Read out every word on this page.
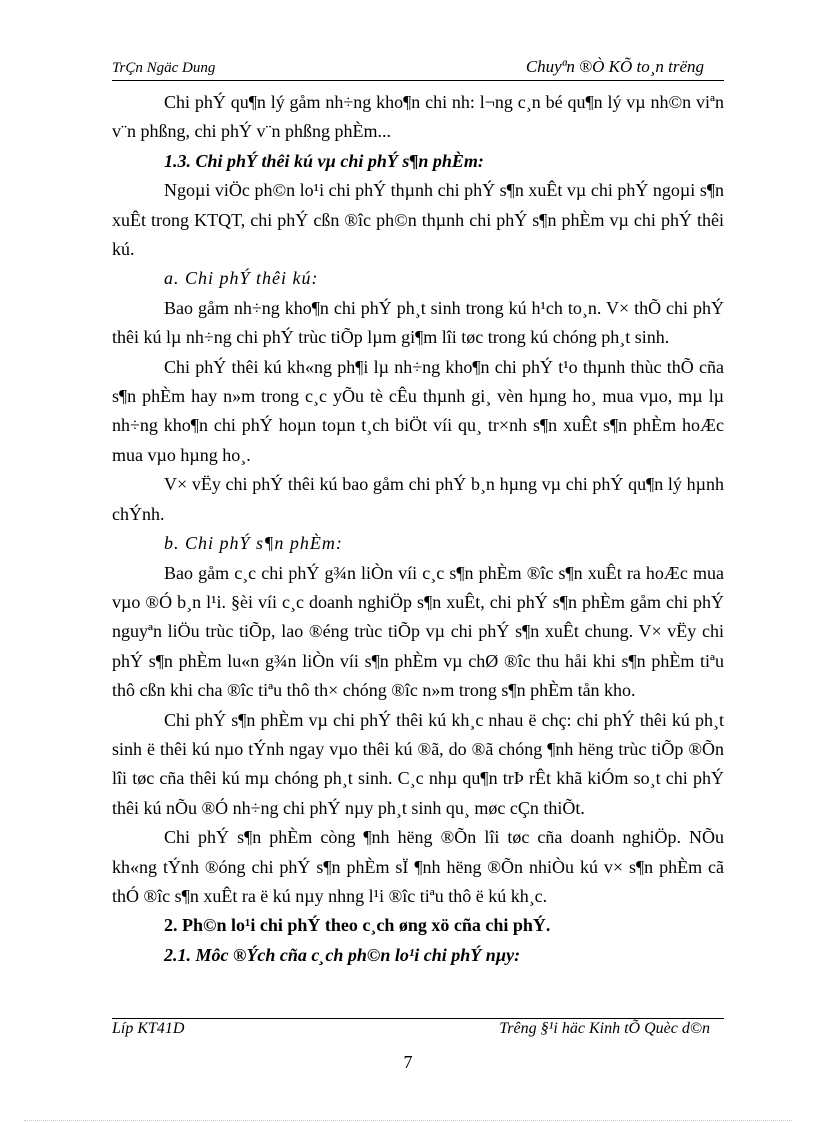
TrÇn Ngäc Dung	Chuyªn ®Ò KÕ to¸n trëng

Chi phÝ qu¶n lý gåm nh÷ng kho¶n chi nh: l¬ng c¸n bé qu¶n lý vµ nh©n viªn v¨n phßng, chi phÝ v¨n phßng phÈm...

1.3. Chi phÝ thêi kú vµ chi phÝ s¶n phÈm:

Ngoµi viÖc ph©n lo¹i chi phÝ thµnh chi phÝ s¶n xuÊt vµ chi phÝ ngoµi s¶n xuÊt trong KTQT, chi phÝ cßn ®îc ph©n thµnh chi phÝ s¶n phÈm vµ chi phÝ thêi kú.

a. Chi phÝ thêi kú:

Bao gåm nh÷ng kho¶n chi phÝ ph¸t sinh trong kú h¹ch to¸n. V× thÕ chi phÝ thêi kú lµ nh÷ng chi phÝ trùc tiÕp lµm gi¶m lîi tøc trong kú chóng ph¸t sinh.

Chi phÝ thêi kú kh«ng ph¶i lµ nh÷ng kho¶n chi phÝ t¹o thµnh thùc thÕ cña s¶n phÈm hay n»m trong c¸c yÕu tè cÊu thµnh gi¸ vèn hµng ho¸ mua vµo, mµ lµ nh÷ng kho¶n chi phÝ hoµn toµn t¸ch biÖt víi qu¸ tr×nh s¶n xuÊt s¶n phÈm hoÆc mua vµo hµng ho¸.

V× vËy chi phÝ thêi kú bao gåm chi phÝ b¸n hµng vµ chi phÝ qu¶n lý hµnh chÝnh.

b. Chi phÝ s¶n phÈm:

Bao gåm c¸c chi phÝ g¾n liÒn víi c¸c s¶n phÈm ®îc s¶n xuÊt ra hoÆc mua vµo ®Ó b¸n l¹i. §èi víi c¸c doanh nghiÖp s¶n xuÊt, chi phÝ s¶n phÈm gåm chi phÝ nguyªn liÖu trùc tiÕp, lao ®éng trùc tiÕp vµ chi phÝ s¶n xuÊt chung. V× vËy chi phÝ s¶n phÈm lu«n g¾n liÒn víi s¶n phÈm vµ chØ ®îc thu håi khi s¶n phÈm tiªu thô cßn khi cha ®îc tiªu thô th× chóng ®îc n»m trong s¶n phÈm tån kho.

Chi phÝ s¶n phÈm vµ chi phÝ thêi kú kh¸c nhau ë chç: chi phÝ thêi kú ph¸t sinh ë thêi kú nµo tÝnh ngay vµo thêi kú ®ã, do ®ã chóng ¶nh hëng trùc tiÕp ®Õn lîi tøc cña thêi kú mµ chóng ph¸t sinh. C¸c nhµ qu¶n trÞ rÊt khã kiÓm so¸t chi phÝ thêi kú nÕu ®Ó nh÷ng chi phÝ nµy ph¸t sinh qu¸ møc cÇn thiÕt.

Chi phÝ s¶n phÈm còng ¶nh hëng ®Õn lîi tøc cña doanh nghiÖp. NÕu kh«ng tÝnh ®óng chi phÝ s¶n phÈm sÏ ¶nh hëng ®Õn nhiÒu kú v× s¶n phÈm cã thÓ ®îc s¶n xuÊt ra ë kú nµy nhng l¹i ®îc tiªu thô ë kú kh¸c.

2. Ph©n lo¹i chi phÝ theo c¸ch øng xö cña chi phÝ.

2.1. Môc ®Ých cña c¸ch ph©n lo¹i chi phÝ nµy:

Líp KT41D	Trêng §¹i häc Kinh tÕ Quèc d©n
7
